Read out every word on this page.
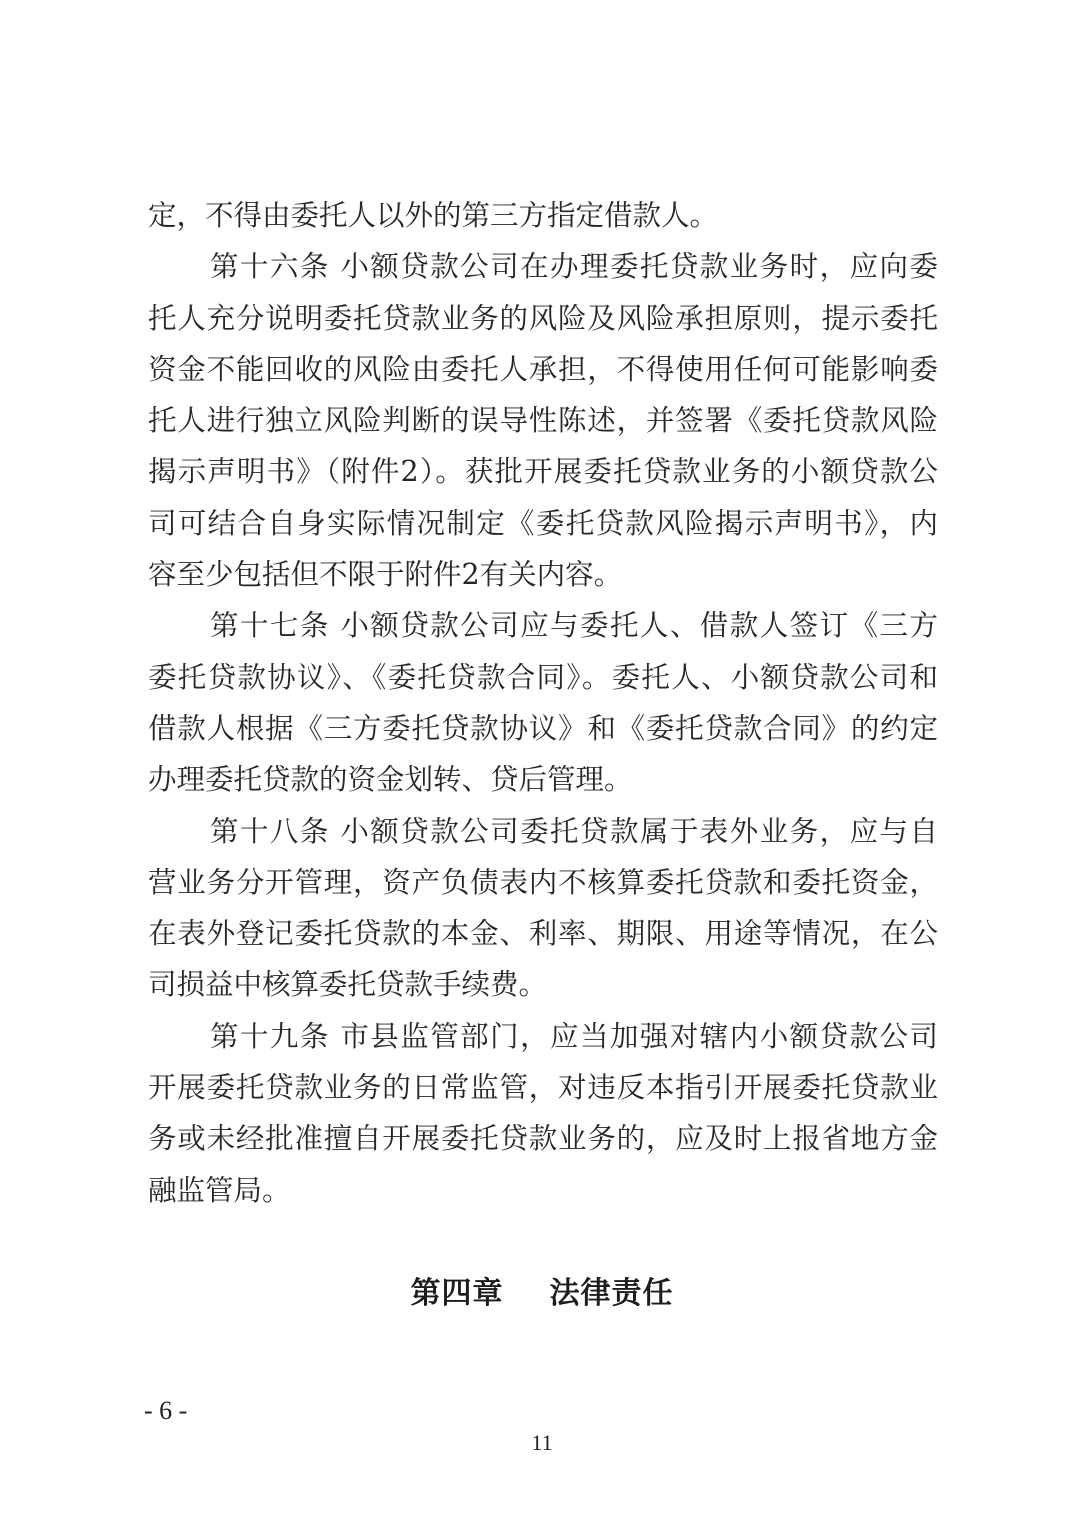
定，不得由委托人以外的第三方指定借款人。
第十六条 小额贷款公司在办理委托贷款业务时，应向委
托人充分说明委托贷款业务的风险及风险承担原则，提示委托
资金不能回收的风险由委托人承担，不得使用任何可能影响委
托人进行独立风险判断的误导性陈述，并签署《委托贷款风险
揭示声明书》（附件2）。获批开展委托贷款业务的小额贷款公
司可结合自身实际情况制定《委托贷款风险揭示声明书》，内
容至少包括但不限于附件2有关内容。
第十七条 小额贷款公司应与委托人、借款人签订《三方
委托贷款协议》、《委托贷款合同》。委托人、小额贷款公司和
借款人根据《三方委托贷款协议》和《委托贷款合同》的约定
办理委托贷款的资金划转、贷后管理。
第十八条 小额贷款公司委托贷款属于表外业务，应与自
营业务分开管理，资产负债表内不核算委托贷款和委托资金，
在表外登记委托贷款的本金、利率、期限、用途等情况，在公
司损益中核算委托贷款手续费。
第十九条 市县监管部门，应当加强对辖内小额贷款公司
开展委托贷款业务的日常监管，对违反本指引开展委托贷款业
务或未经批准擅自开展委托贷款业务的，应及时上报省地方金
融监管局。
第四章 法律责任
- 6 -
11
